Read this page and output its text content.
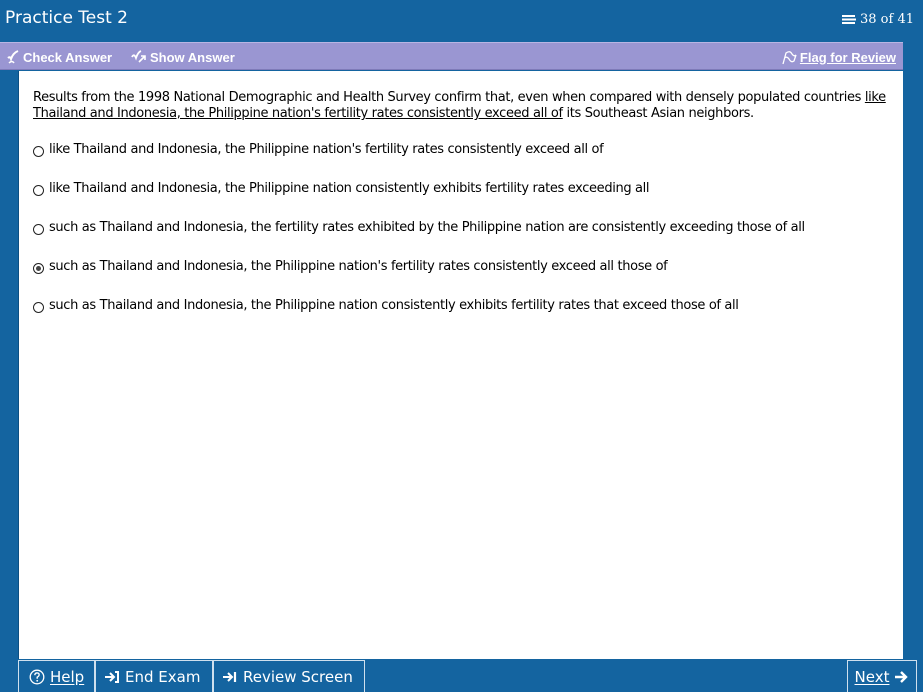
Practice Test 2	38 of 41
Check Answer	Show Answer	Flag for Review
Results from the 1998 National Demographic and Health Survey confirm that, even when compared with densely populated countries like Thailand and Indonesia, the Philippine nation's fertility rates consistently exceed all of its Southeast Asian neighbors.
like Thailand and Indonesia, the Philippine nation's fertility rates consistently exceed all of
like Thailand and Indonesia, the Philippine nation consistently exhibits fertility rates exceeding all
such as Thailand and Indonesia, the fertility rates exhibited by the Philippine nation are consistently exceeding those of all
such as Thailand and Indonesia, the Philippine nation's fertility rates consistently exceed all those of
such as Thailand and Indonesia, the Philippine nation consistently exhibits fertility rates that exceed those of all
Help	End Exam	Review Screen	Next
